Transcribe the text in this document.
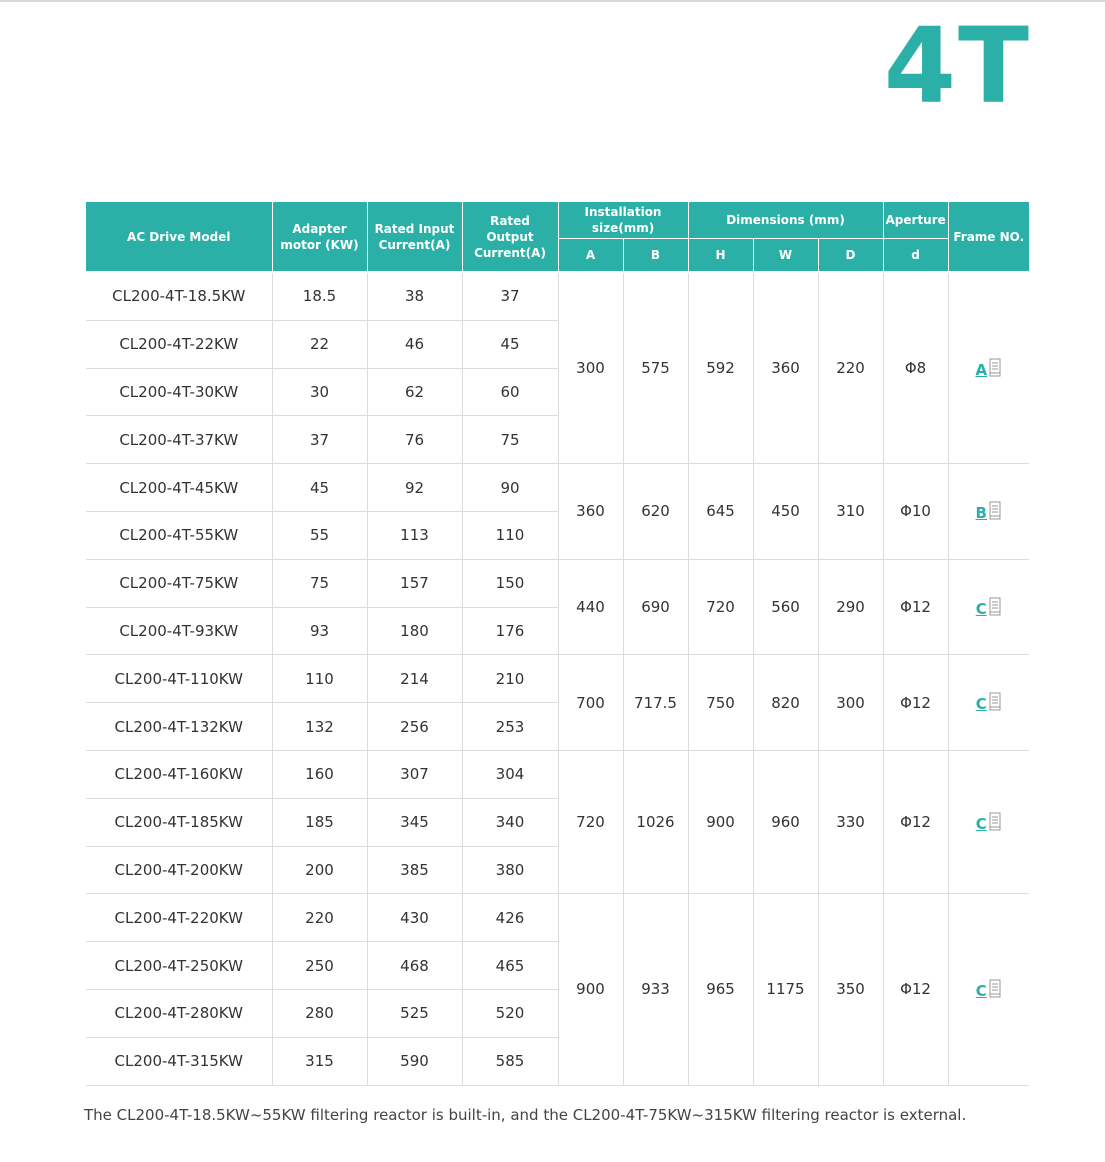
4T
AC Drive Model	Adapter motor (KW)	Rated Input Current(A)	Rated Output Current(A)	Installation size(mm)		Dimensions (mm)			Aperture	Frame NO.
				A	B	H	W	D	d	
CL200-4T-18.5KW	18.5	38	37	300	575	592	360	220	Φ8	A

CL200-4T-22KW	22	46	45							
CL200-4T-30KW	30	62	60							
CL200-4T-37KW	37	76	75							
CL200-4T-45KW	45	92	90	360	620	645	450	310	Φ10	B

CL200-4T-55KW	55	113	110							
CL200-4T-75KW	75	157	150	440	690	720	560	290	Φ12	C

CL200-4T-93KW	93	180	176							
CL200-4T-110KW	110	214	210	700	717.5	750	820	300	Φ12	C

CL200-4T-132KW	132	256	253							
CL200-4T-160KW	160	307	304	720	1026	900	960	330	Φ12	C

CL200-4T-185KW	185	345	340							
CL200-4T-200KW	200	385	380							
CL200-4T-220KW	220	430	426	900	933	965	1175	350	Φ12	C

CL200-4T-250KW	250	468	465							
CL200-4T-280KW	280	525	520							
CL200-4T-315KW	315	590	585							
The CL200-4T-18.5KW~55KW filtering reactor is built-in, and the CL200-4T-75KW~315KW filtering reactor is external.
